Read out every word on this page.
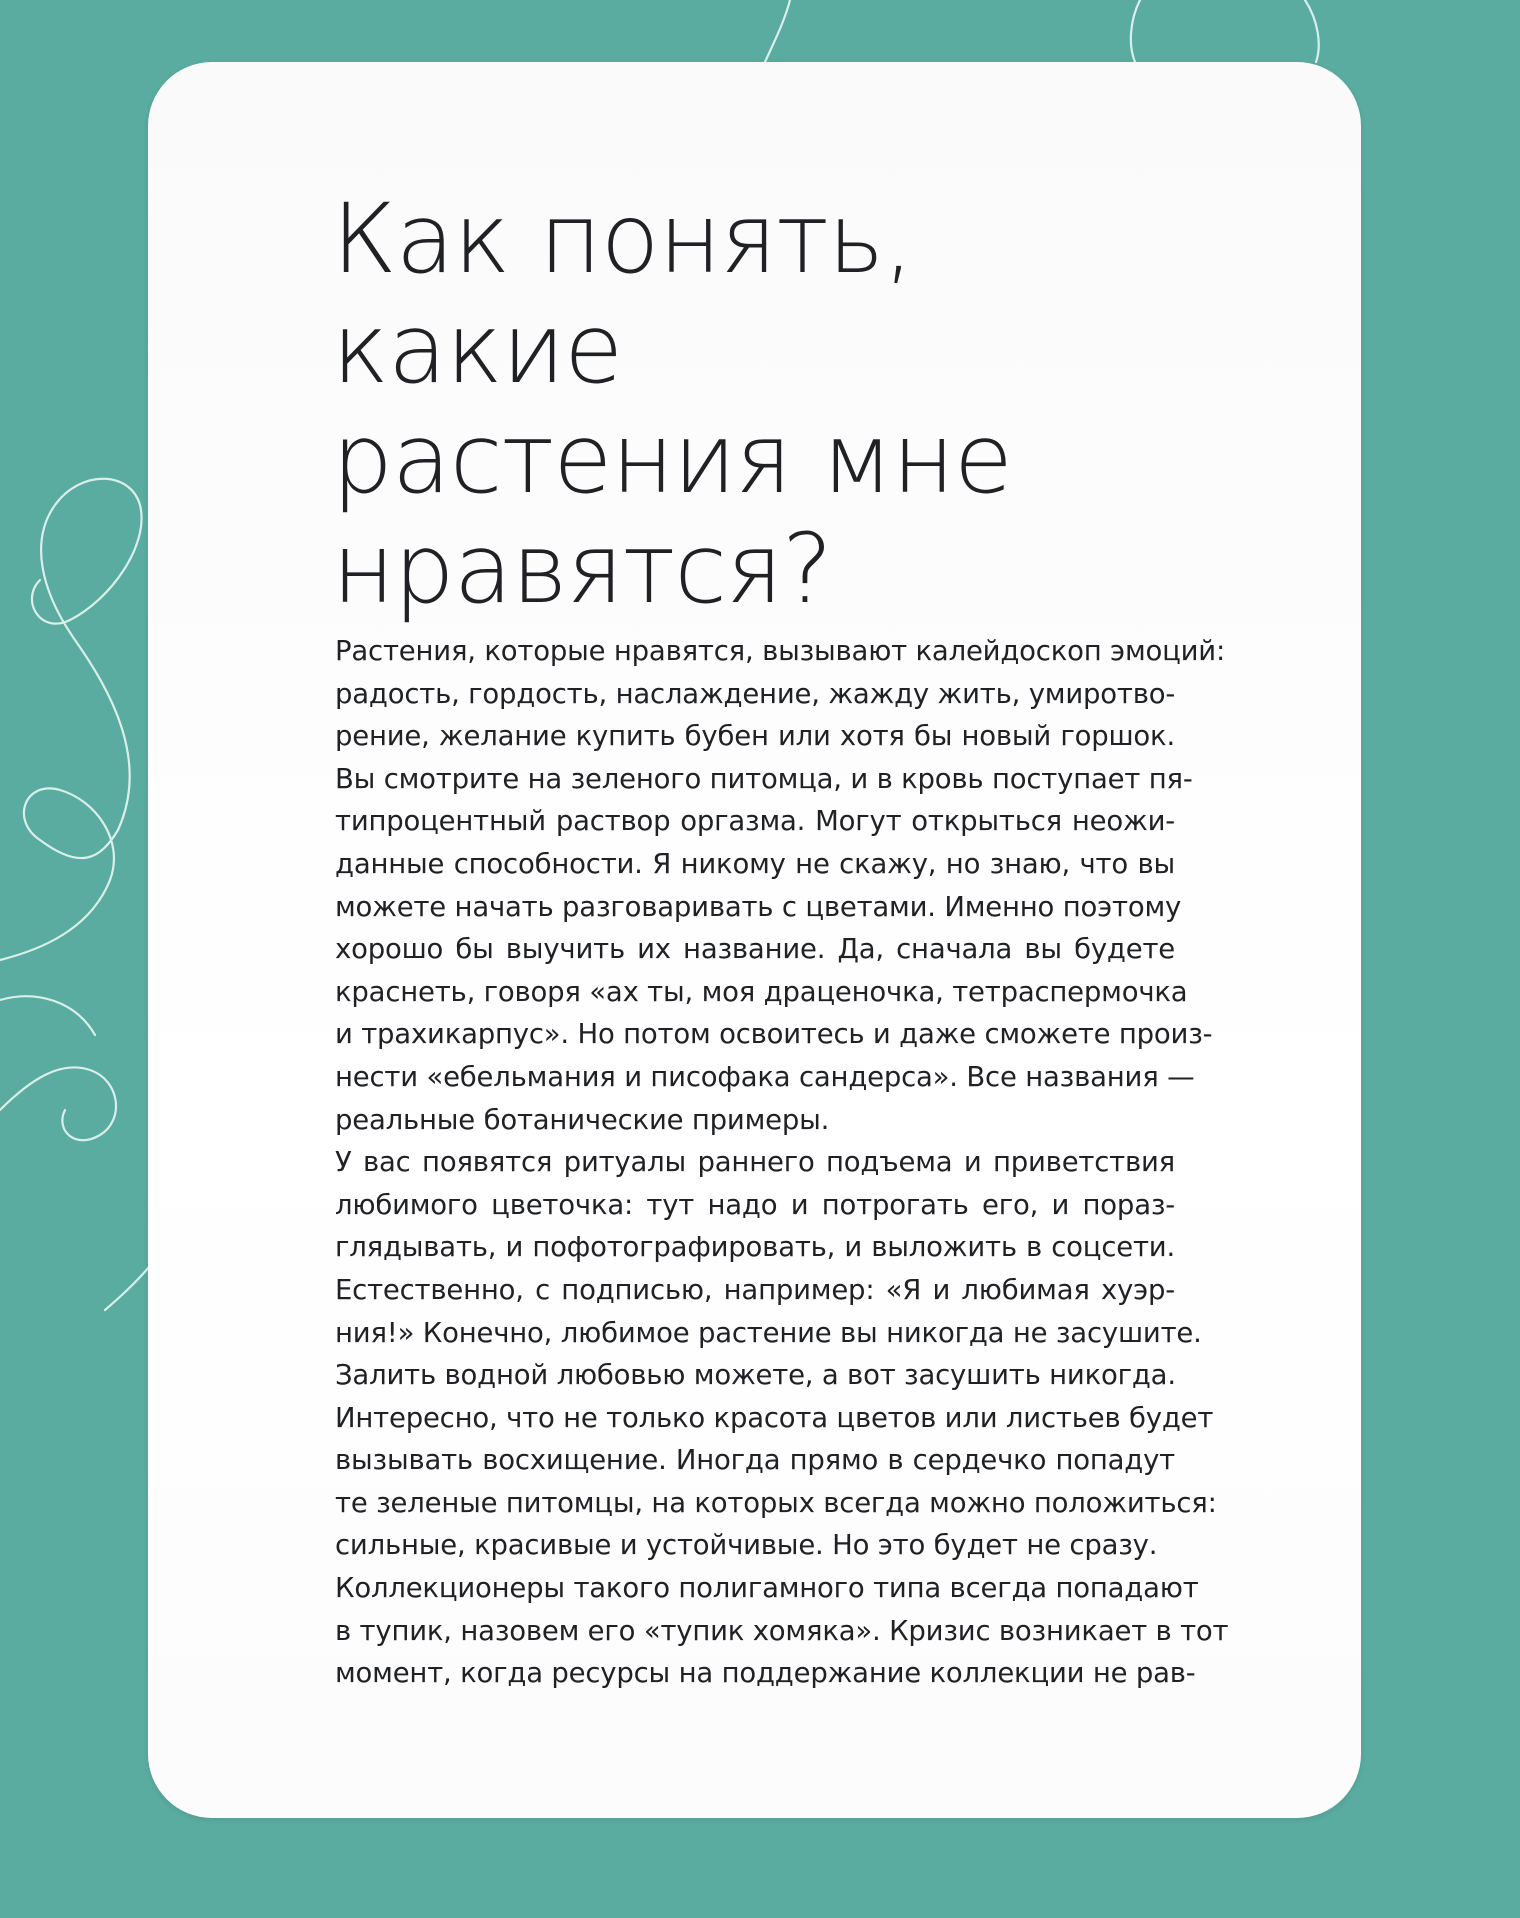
Как понять, какие
растения мне
нравятся?
Растения, которые нравятся, вызывают калейдоскоп эмоций:
радость, гордость, наслаждение, жажду жить, умиротво-
рение, желание купить бубен или хотя бы новый горшок.
Вы смотрите на зеленого питомца, и в кровь поступает пя-
типроцентный раствор оргазма. Могут открыться неожи-
данные способности. Я никому не скажу, но знаю, что вы
можете начать разговаривать с цветами. Именно поэтому
хорошо бы выучить их название. Да, сначала вы будете
краснеть, говоря «ах ты, моя драценочка, тетраспермочка
и трахикарпус». Но потом освоитесь и даже сможете произ-
нести «ебельмания и писофака сандерса». Все названия —
реальные ботанические примеры.
У вас появятся ритуалы раннего подъема и приветствия
любимого цветочка: тут надо и потрогать его, и пораз-
глядывать, и пофотографировать, и выложить в соцсети.
Естественно, с подписью, например: «Я и любимая хуэр-
ния!» Конечно, любимое растение вы никогда не засушите.
Залить водной любовью можете, а вот засушить никогда.
Интересно, что не только красота цветов или листьев будет
вызывать восхищение. Иногда прямо в сердечко попадут
те зеленые питомцы, на которых всегда можно положиться:
сильные, красивые и устойчивые. Но это будет не сразу.
Коллекционеры такого полигамного типа всегда попадают
в тупик, назовем его «тупик хомяка». Кризис возникает в тот
момент, когда ресурсы на поддержание коллекции не рав-
